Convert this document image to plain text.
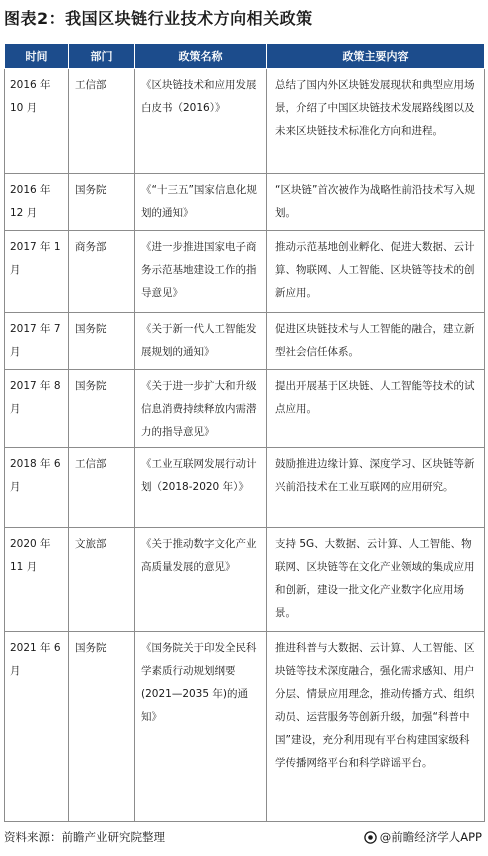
图表2：我国区块链行业技术方向相关政策
时间	部门	政策名称	政策主要内容
2016 年 10 月	工信部	《区块链技术和应用发展白皮书（2016）》	总结了国内外区块链发展现状和典型应用场景，介绍了中国区块链技术发展路线图以及未来区块链技术标准化方向和进程。
2016 年 12 月	国务院	《“十三五”国家信息化规划的通知》	“区块链”首次被作为战略性前沿技术写入规划。
2017 年 1 月	商务部	《进一步推进国家电子商务示范基地建设工作的指导意见》	推动示范基地创业孵化、促进大数据、云计算、物联网、人工智能、区块链等技术的创新应用。
2017 年 7 月	国务院	《关于新一代人工智能发展规划的通知》	促进区块链技术与人工智能的融合，建立新型社会信任体系。
2017 年 8 月	国务院	《关于进一步扩大和升级信息消费持续释放内需潜力的指导意见》	提出开展基于区块链、人工智能等技术的试点应用。
2018 年 6 月	工信部	《工业互联网发展行动计划（2018-2020 年）》	鼓励推进边缘计算、深度学习、区块链等新兴前沿技术在工业互联网的应用研究。
2020 年 11 月	文旅部	《关于推动数字文化产业高质量发展的意见》	支持 5G、大数据、云计算、人工智能、物联网、区块链等在文化产业领域的集成应用和创新，建设一批文化产业数字化应用场景。
2021 年 6 月	国务院	《国务院关于印发全民科学素质行动规划纲要(2021—2035 年)的通知》	推进科普与大数据、云计算、人工智能、区块链等技术深度融合，强化需求感知、用户分层、情景应用理念，推动传播方式、组织动员、运营服务等创新升级，加强“科普中国”建设，充分利用现有平台构建国家级科学传播网络平台和科学辟谣平台。
资料来源：前瞻产业研究院整理	@前瞻经济学人APP
